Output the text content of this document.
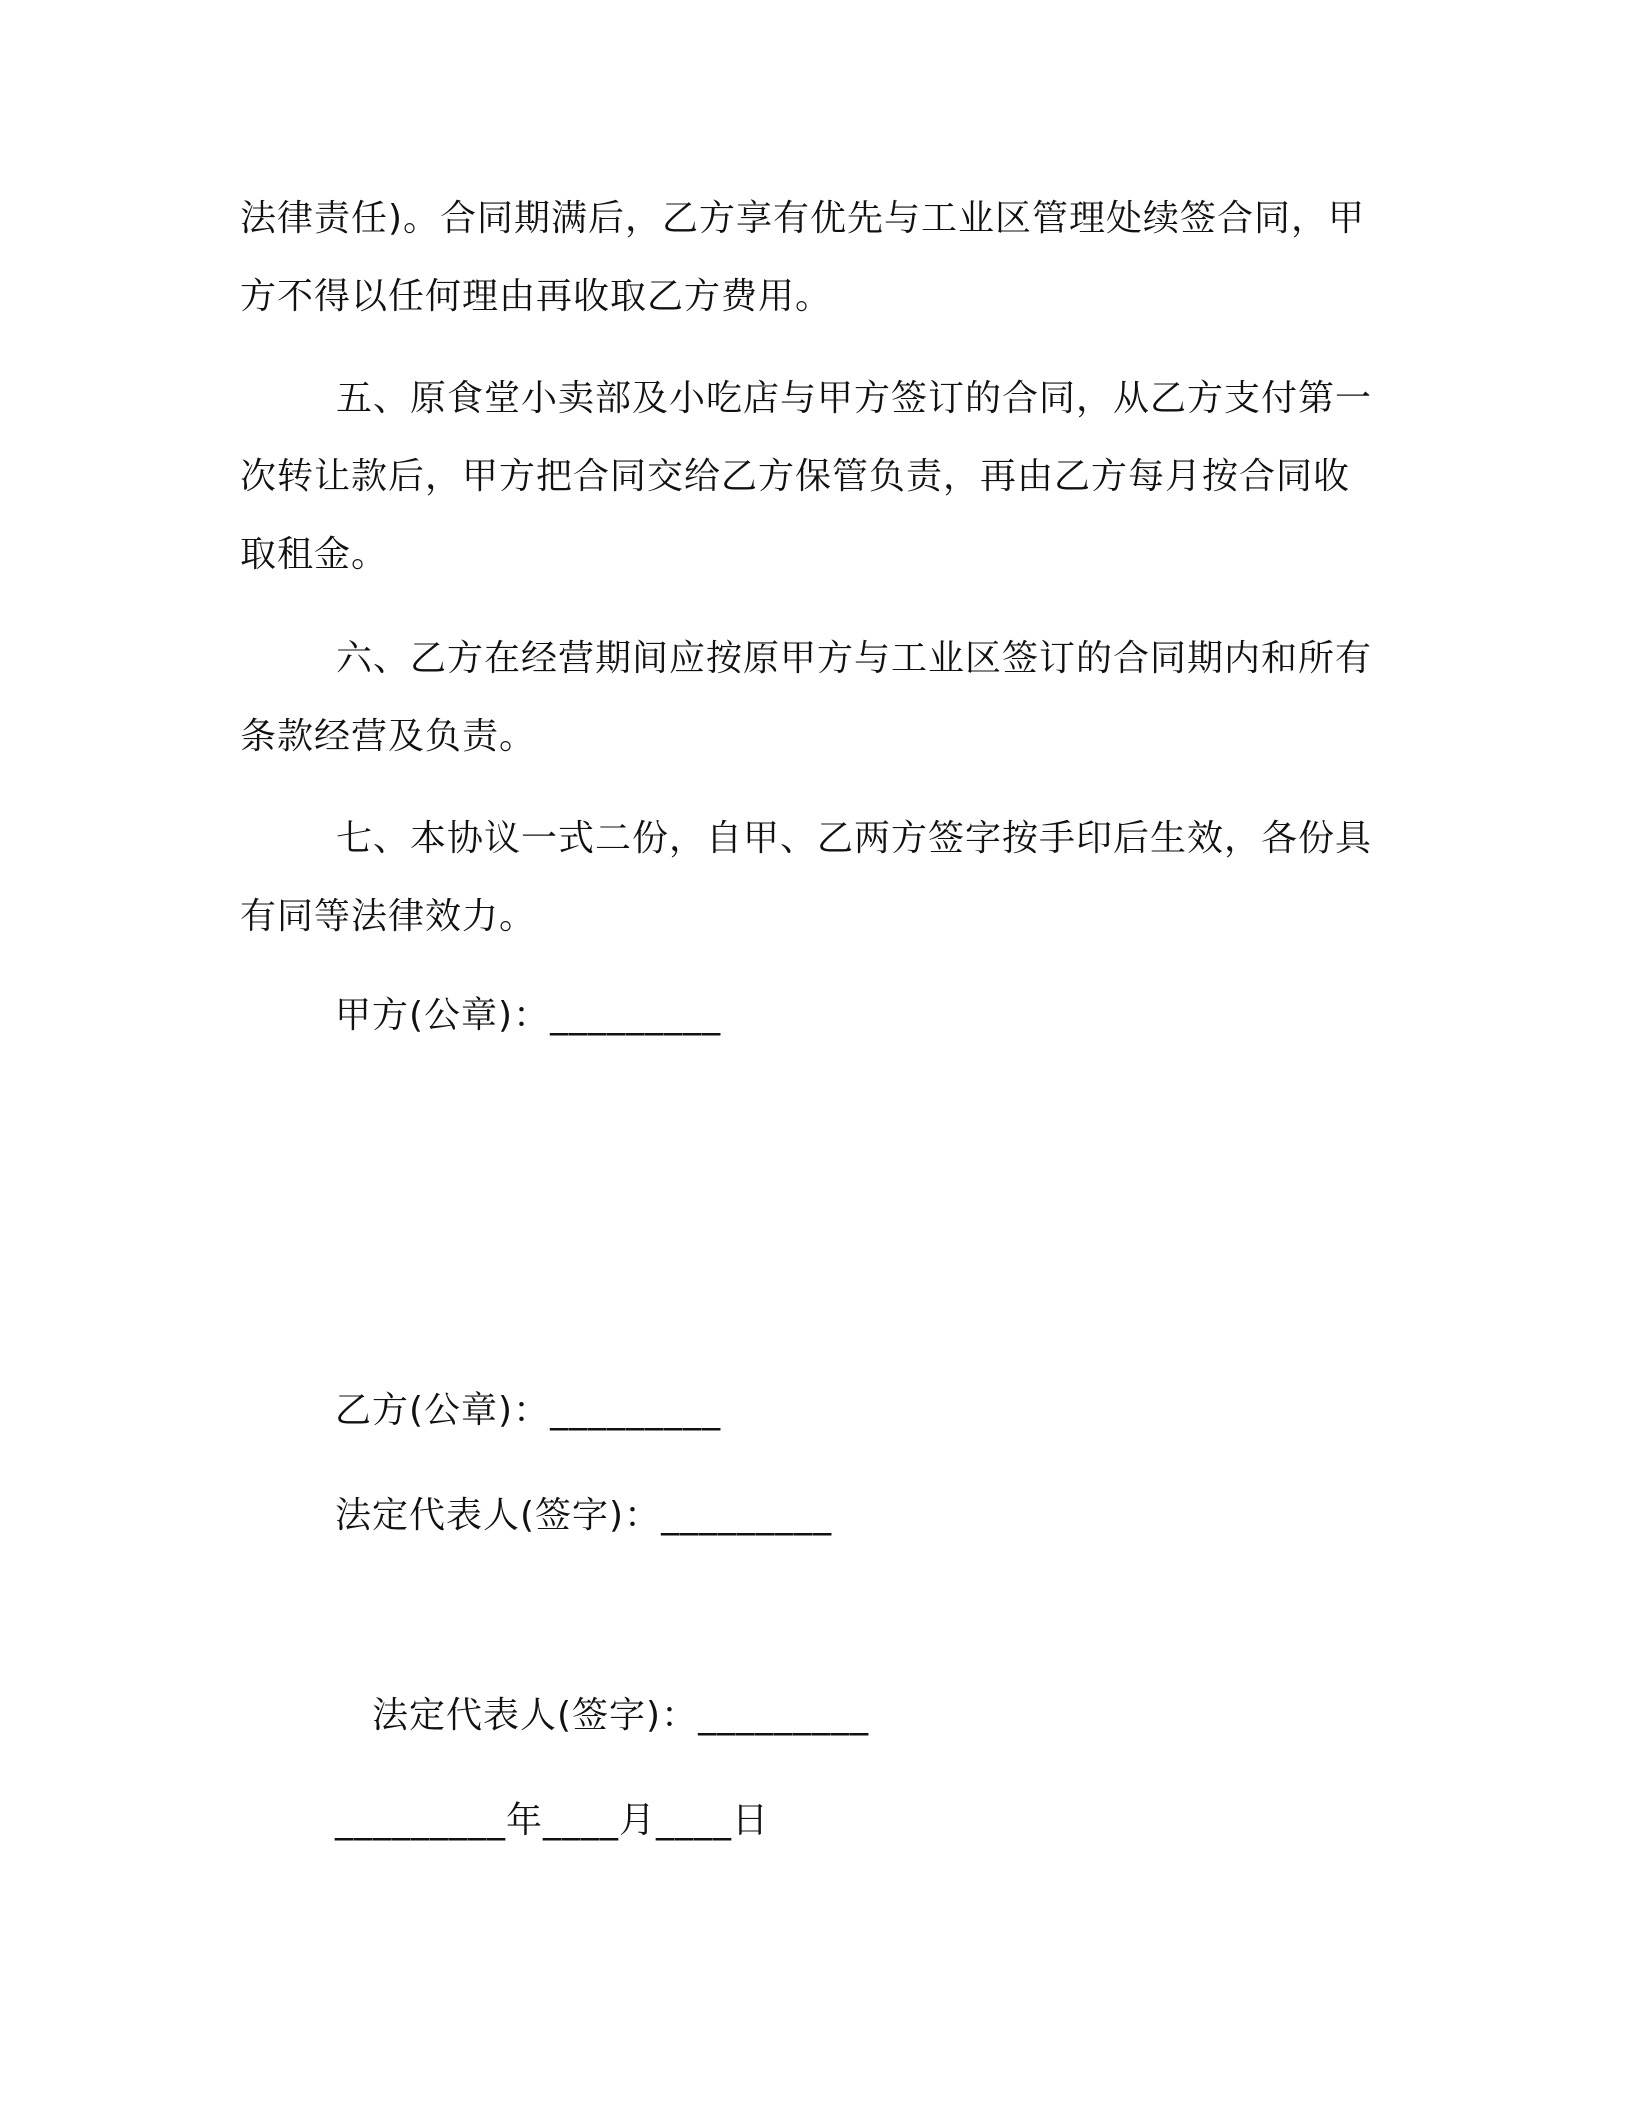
法律责任)。合同期满后，乙方享有优先与工业区管理处续签合同，甲方不得以任何理由再收取乙方费用。

五、原食堂小卖部及小吃店与甲方签订的合同，从乙方支付第一次转让款后，甲方把合同交给乙方保管负责，再由乙方每月按合同收取租金。

六、乙方在经营期间应按原甲方与工业区签订的合同期内和所有条款经营及负责。

七、本协议一式二份，自甲、乙两方签字按手印后生效，各份具有同等法律效力。

甲方(公章)：_________
乙方(公章)：_________
法定代表人(签字)：_________
法定代表人(签字)：_________
_________年____月____日
